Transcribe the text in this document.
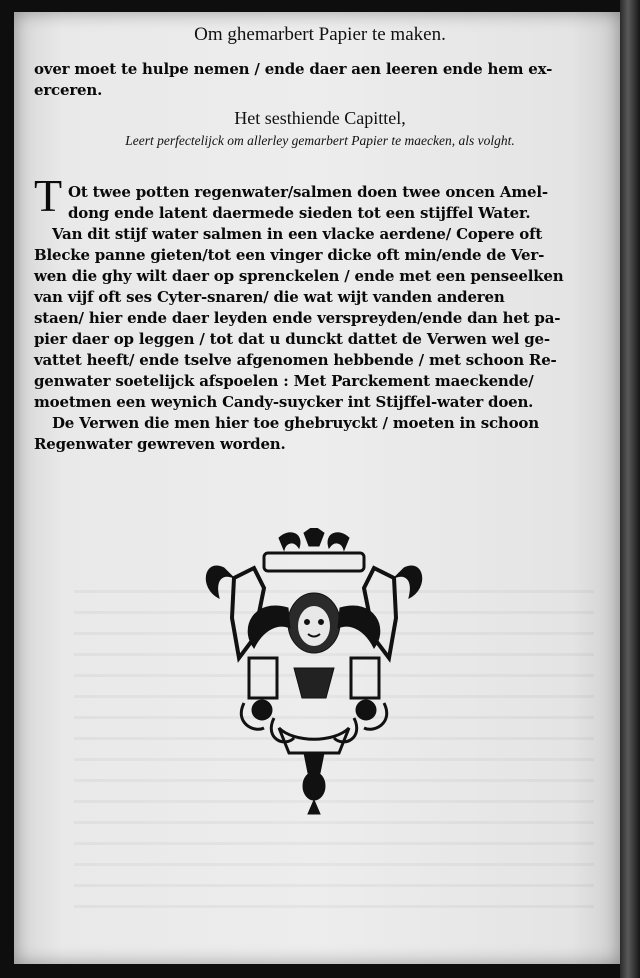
Om ghemarbert Papier te maken.
over moet te hulpe nemen / ende daer aen leeren ende hem ex-
erceren.
Het sesthiende Capittel,
Leert perfectelijck om allerley gemarbert Papier te maecken, als volght.
T Ot twee potten regenwater/salmen doen twee oncen Amel-
dong ende latent daermede sieden tot een stijffel Water.
Van dit stijf water salmen in een vlacke aerdene/ Copere oft
Blecke panne gieten/tot een vinger dicke oft min/ende de Ver-
wen die ghy wilt daer op sprenckelen / ende met een penseelken
van vijf oft ses Cyter-snaren/ die wat wijt vanden anderen
staen/ hier ende daer leyden ende verspreyden/ende dan het pa-
pier daer op leggen / tot dat u dunckt dattet de Verwen wel ge-
vattet heeft/ ende tselve afgenomen hebbende / met schoon Re-
genwater soetelijck afspoelen : Met Parckement maeckende/
moetmen een weynich Candy-suycker int Stijffel-water doen.
De Verwen die men hier toe ghebruyckt / moeten in schoon
Regenwater gewreven worden.
